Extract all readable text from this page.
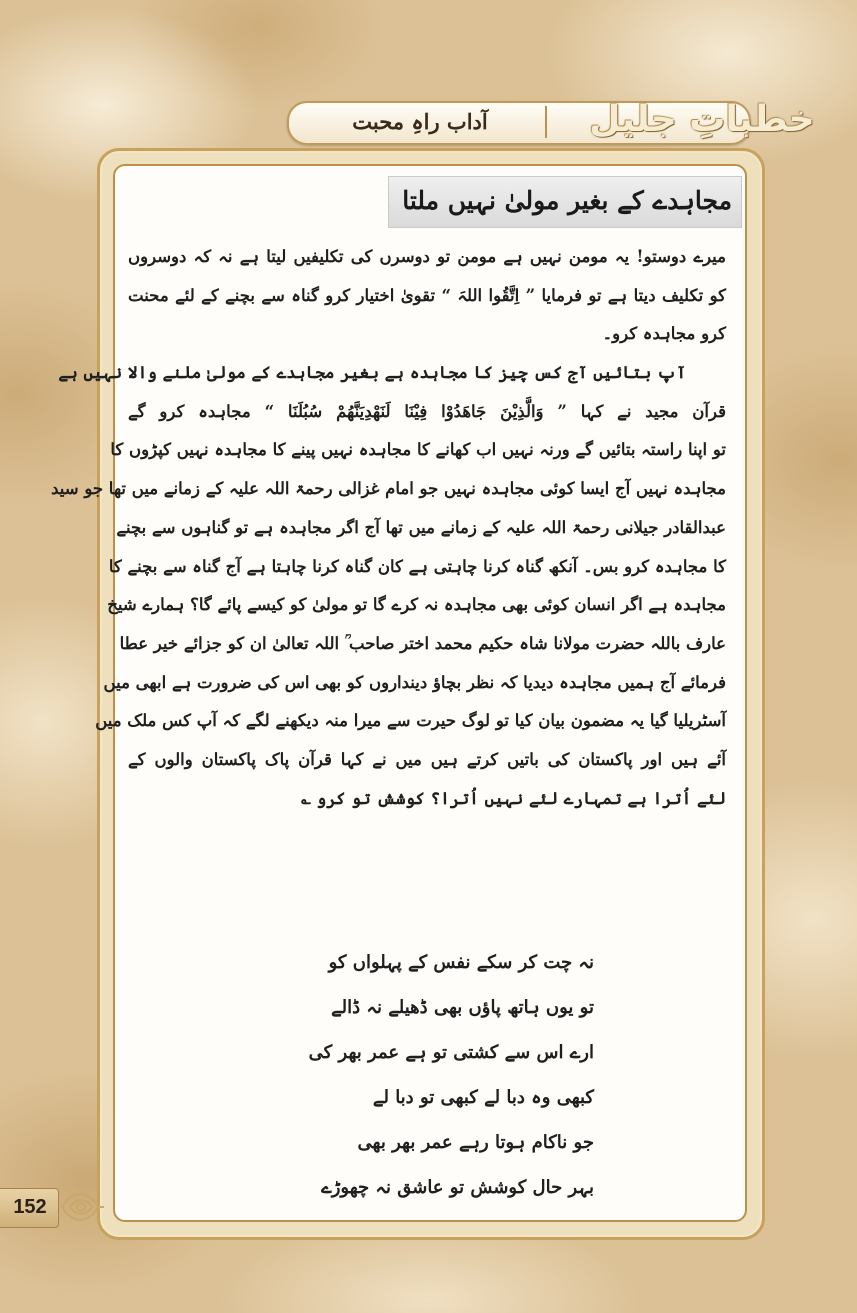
آداب راہِ محبت	خطباتِ جلیل
مجاہدے کے بغیر مولیٰ نہیں ملتا
میرے دوستو! یہ مومن نہیں ہے مومن تو دوسرں کی تکلیفیں لیتا ہے نہ کہ دوسروں
کو تکلیف دیتا ہے تو فرمایا ” اِتَّقُوا اللہَ “ تقویٰ اختیار کرو گناہ سے بچنے کے لئے محنت
کرو مجاہدہ کرو۔
آپ بتائیں آج کس چیز کا مجاہدہ ہے بغیر مجاہدے کے مولیٰ ملنے والا نہیں ہے
قرآن مجید نے کہا ” وَالَّذِیْنَ جَاھَدُوْا فِیْنَا لَنَھْدِیَنَّھُمْ سُبُلَنَا “ مجاہدہ کرو گے
تو اپنا راستہ بتائیں گے ورنہ نہیں اب کھانے کا مجاہدہ نہیں پینے کا مجاہدہ نہیں کپڑوں کا
مجاہدہ نہیں آج ایسا کوئی مجاہدہ نہیں جو امام غزالی رحمۃ اللہ علیہ کے زمانے میں تھا جو سید
عبدالقادر جیلانی رحمۃ اللہ علیہ کے زمانے میں تھا آج اگر مجاہدہ ہے تو گناہوں سے بچنے
کا مجاہدہ کرو بس۔ آنکھ گناہ کرنا چاہتی ہے کان گناہ کرنا چاہتا ہے آج گناہ سے بچنے کا
مجاہدہ ہے اگر انسان کوئی بھی مجاہدہ نہ کرے گا تو مولیٰ کو کیسے پائے گا؟ ہمارے شیخ
عارف باللہ حضرت مولانا شاہ حکیم محمد اختر صاحب ؒ اللہ تعالیٰ ان کو جزائے خیر عطا
فرمائے آج ہمیں مجاہدہ دیدیا کہ نظر بچاؤ دینداروں کو بھی اس کی ضرورت ہے ابھی میں
آسٹریلیا گیا یہ مضمون بیان کیا تو لوگ حیرت سے میرا منہ دیکھنے لگے کہ آپ کس ملک میں
آئے ہیں اور پاکستان کی باتیں کرتے ہیں میں نے کہا قرآن پاک پاکستان والوں کے
لئے اُترا ہے تمہارے لئے نہیں اُترا؟ کوشش تو کرو ؎
نہ چت کر سکے نفس کے پہلواں کو
تو یوں ہاتھ پاؤں بھی ڈھیلے نہ ڈالے
ارے اس سے کشتی تو ہے عمر بھر کی
کبھی وہ دبا لے کبھی تو دبا لے
جو ناکام ہوتا رہے عمر بھر بھی
بہر حال کوشش تو عاشق نہ چھوڑے
152
